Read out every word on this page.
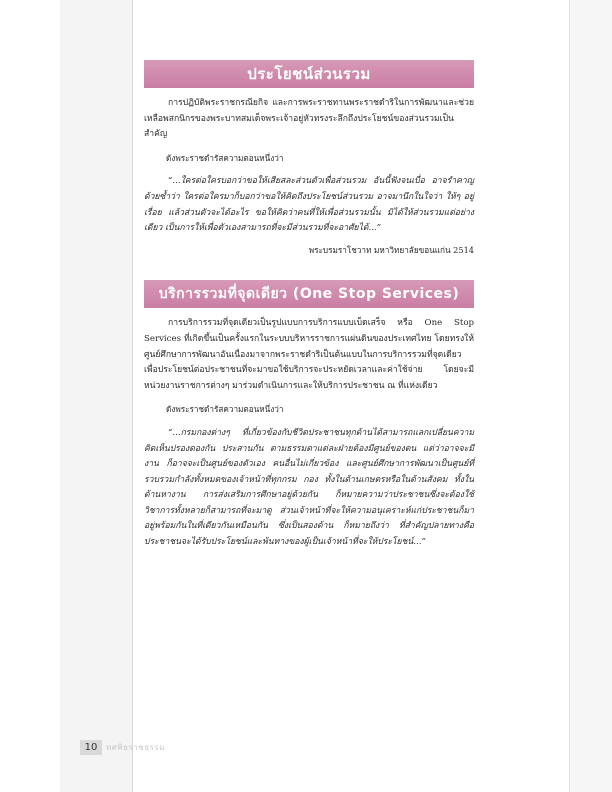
ประโยชน์ส่วนรวม

การปฏิบัติพระราชกรณียกิจ และการพระราชทานพระราชดำริในการพัฒนาและช่วยเหลือพสกนิกรของพระบาทสมเด็จพระเจ้าอยู่หัวทรงระลึกถึงประโยชน์ของส่วนรวมเป็นสำคัญ

ดังพระราชดำรัสความตอนหนึ่งว่า

“...ใครต่อใครบอกว่าขอให้เสียสละส่วนตัวเพื่อส่วนรวม อันนี้ฟังจนเบื่อ อาจรำคาญด้วยซ้ำว่า ใครต่อใครมาก็บอกว่าขอให้คิดถึงประโยชน์ส่วนรวม อาจมานึกในใจว่า ให้ๆ อยู่เรื่อย แล้วส่วนตัวจะได้อะไร ขอให้คิดว่าคนที่ให้เพื่อส่วนรวมนั้น มิได้ให้ส่วนรวมแต่อย่างเดียว เป็นการให้เพื่อตัวเองสามารถที่จะมีส่วนรวมที่จะอาศัยได้...”

พระบรมราโชวาท มหาวิทยาลัยขอนแก่น 2514

บริการรวมที่จุดเดียว (One Stop Services)

การบริการรวมที่จุดเดียวเป็นรูปแบบการบริการแบบเบ็ดเสร็จ หรือ One Stop Services ที่เกิดขึ้นเป็นครั้งแรกในระบบบริหารราชการแผ่นดินของประเทศไทย โดยทรงให้ศูนย์ศึกษาการพัฒนาอันเนื่องมาจากพระราชดำริเป็นต้นแบบในการบริการรวมที่จุดเดียว เพื่อประโยชน์ต่อประชาชนที่จะมาขอใช้บริการจะประหยัดเวลาและค่าใช้จ่าย โดยจะมีหน่วยงานราชการต่างๆ มาร่วมดำเนินการและให้บริการประชาชน ณ ที่แห่งเดียว

ดังพระราชดำรัสความตอนหนึ่งว่า

“...กรมกองต่างๆ ที่เกี่ยวข้องกับชีวิตประชาชนทุกด้านได้สามารถแลกเปลี่ยนความคิดเห็นปรองดองกัน ประสานกัน ตามธรรมดาแต่ละฝ่ายต้องมีศูนย์ของตน แต่ว่าอาจจะมีงาน ก็อาจจะเป็นศูนย์ของตัวเอง คนอื่นไม่เกี่ยวข้อง และศูนย์ศึกษาการพัฒนาเป็นศูนย์ที่รวบรวมกำลังทั้งหมดของเจ้าหน้าที่ทุกกรม กอง ทั้งในด้านเกษตรหรือในด้านสังคม ทั้งในด้านหางาน การส่งเสริมการศึกษาอยู่ด้วยกัน ก็หมายความว่าประชาชนซึ่งจะต้องใช้วิชาการทั้งหลายก็สามารถที่จะมาดู ส่วนเจ้าหน้าที่จะให้ความอนุเคราะห์แก่ประชาชนก็มาอยู่พร้อมกันในที่เดียวกันเหมือนกัน ซึ่งเป็นสองด้าน ก็หมายถึงว่า ที่สำคัญปลายทางคือประชาชนจะได้รับประโยชน์และพ้นทางของผู้เป็นเจ้าหน้าที่จะให้ประโยชน์...”

10	ทศพิธราชธรรม
